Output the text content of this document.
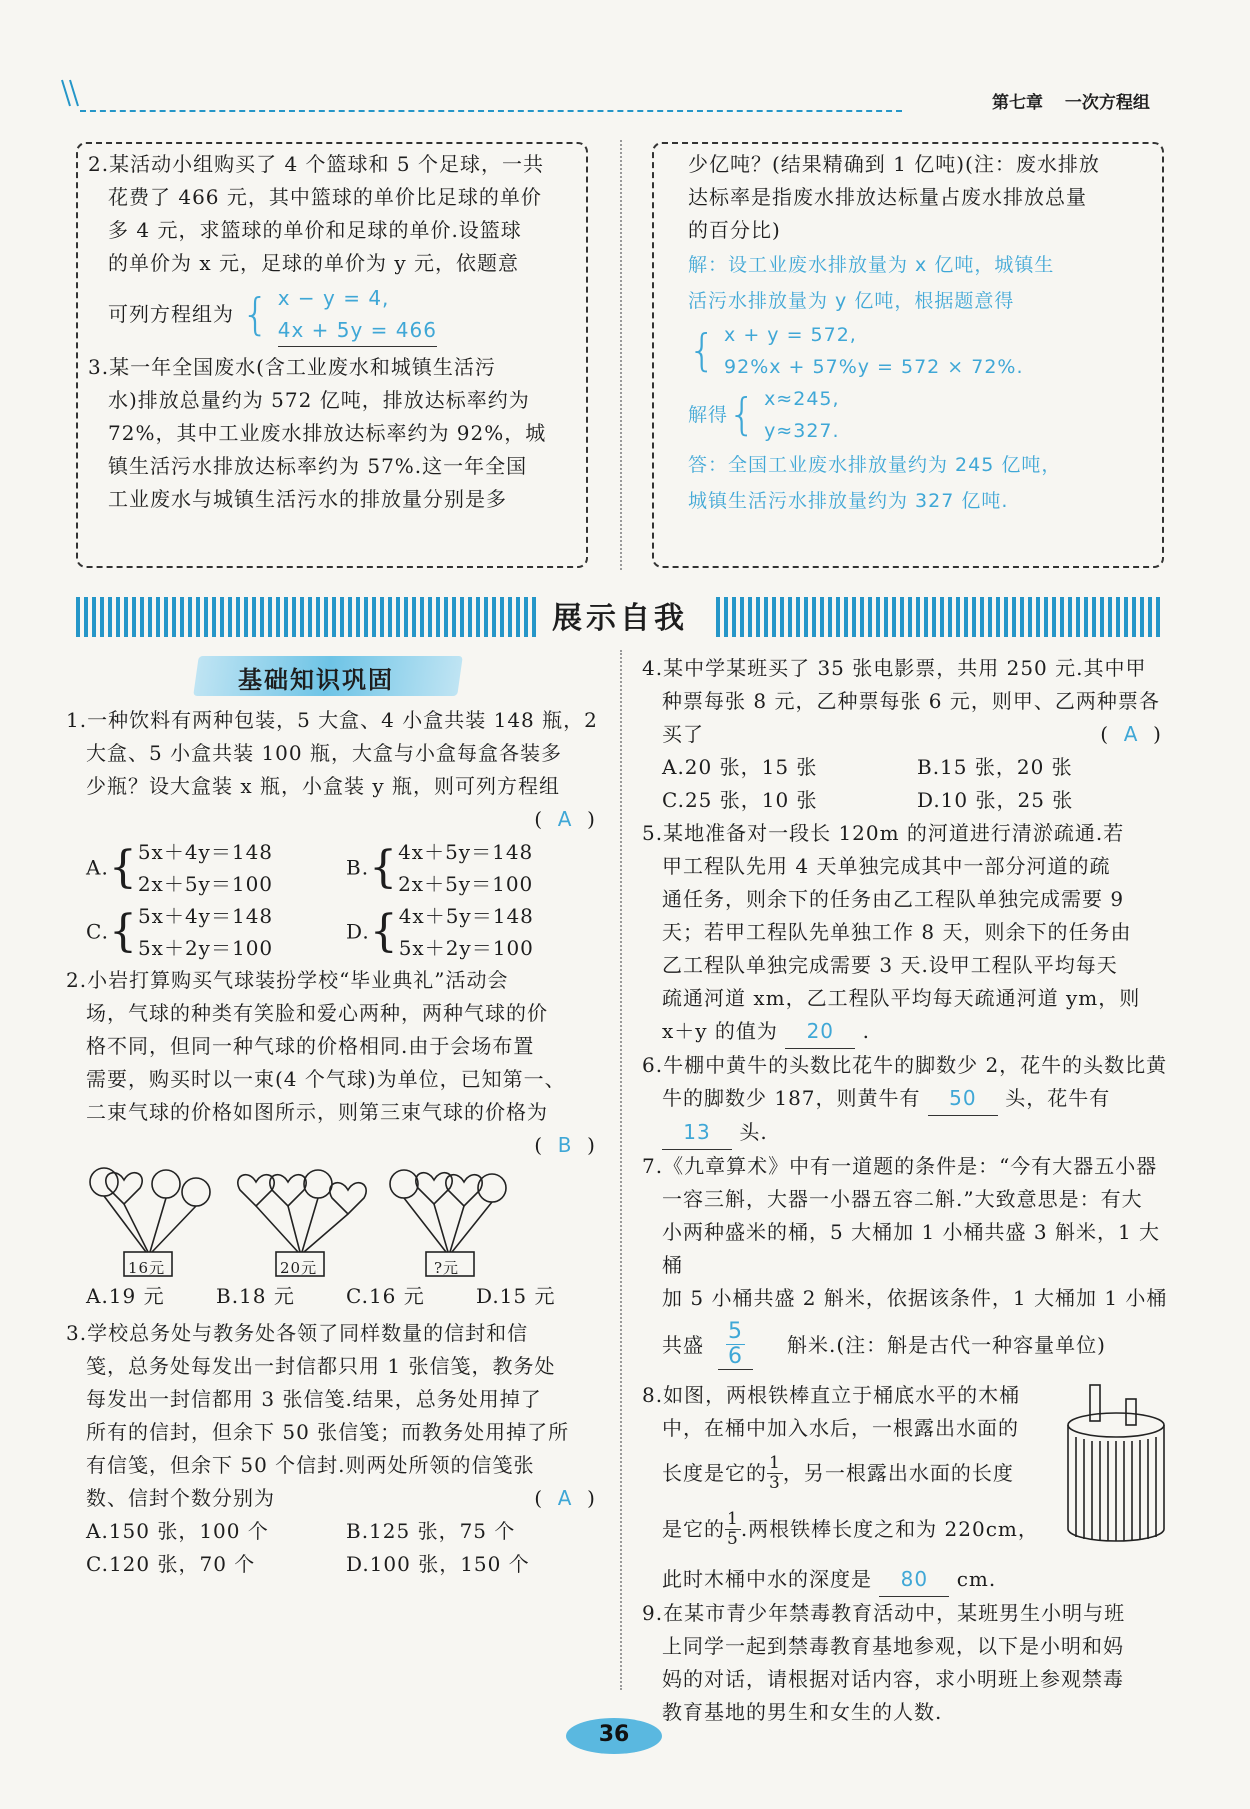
第七章 一次方程组
2.某活动小组购买了 4 个篮球和 5 个足球，一共
花费了 466 元，其中篮球的单价比足球的单价
多 4 元，求篮球的单价和足球的单价.设篮球
的单价为 x 元，足球的单价为 y 元，依题意
可列方程组为 { x − y = 4,
4x + 5y = 466
3.某一年全国废水(含工业废水和城镇生活污
水)排放总量约为 572 亿吨，排放达标率约为
72%，其中工业废水排放达标率约为 92%，城
镇生活污水排放达标率约为 57%.这一年全国
工业废水与城镇生活污水的排放量分别是多
少亿吨？(结果精确到 1 亿吨)(注：废水排放
达标率是指废水排放达标量占废水排放总量
的百分比)
解：设工业废水排放量为 x 亿吨，城镇生
活污水排放量为 y 亿吨，根据题意得
{ x + y = 572,
92%x + 57%y = 572 × 72%.
解得{ x≈245,
y≈327.
答：全国工业废水排放量约为 245 亿吨，
城镇生活污水排放量约为 327 亿吨.
展示自我
基础知识巩固
1.一种饮料有两种包装，5 大盒、4 小盒共装 148 瓶，2
大盒、5 小盒共装 100 瓶，大盒与小盒每盒各装多
少瓶？设大盒装 x 瓶，小盒装 y 瓶，则可列方程组
(  A  )
A.{ 5x＋4y＝148
2x＋5y＝100
B.{ 4x＋5y＝148
2x＋5y＝100
C.{ 5x＋4y＝148
5x＋2y＝100
D.{ 4x＋5y＝148
5x＋2y＝100
2.小岩打算购买气球装扮学校“毕业典礼”活动会
场，气球的种类有笑脸和爱心两种，两种气球的价
格不同，但同一种气球的价格相同.由于会场布置
需要，购买时以一束(4 个气球)为单位，已知第一、
二束气球的价格如图所示，则第三束气球的价格为
(  B  )
16元	20元	?元
A.19 元	B.18 元	C.16 元	D.15 元
3.学校总务处与教务处各领了同样数量的信封和信
笺，总务处每发出一封信都只用 1 张信笺，教务处
每发出一封信都用 3 张信笺.结果，总务处用掉了
所有的信封，但余下 50 张信笺；而教务处用掉了所
有信笺，但余下 50 个信封.则两处所领的信笺张
数、信封个数分别为	(  A  )
A.150 张，100 个	B.125 张，75 个
C.120 张，70 个	D.100 张，150 个
4.某中学某班买了 35 张电影票，共用 250 元.其中甲
种票每张 8 元，乙种票每张 6 元，则甲、乙两种票各
买了	(  A  )
A.20 张，15 张	B.15 张，20 张
C.25 张，10 张	D.10 张，25 张
5.某地准备对一段长 120m 的河道进行清淤疏通.若
甲工程队先用 4 天单独完成其中一部分河道的疏
通任务，则余下的任务由乙工程队单独完成需要 9
天；若甲工程队先单独工作 8 天，则余下的任务由
乙工程队单独完成需要 3 天.设甲工程队平均每天
疏通河道 xm，乙工程队平均每天疏通河道 ym，则
x＋y 的值为 20 .
6.牛棚中黄牛的头数比花牛的脚数少 2，花牛的头数比黄
牛的脚数少 187，则黄牛有 50 头，花牛有 13 头.
7.《九章算术》中有一道题的条件是：“今有大器五小器
一容三斛，大器一小器五容二斛.”大致意思是：有大
小两种盛米的桶，5 大桶加 1 小桶共盛 3 斛米，1 大桶
加 5 小桶共盛 2 斛米，依据该条件，1 大桶加 1 小桶
共盛 $\frac{5}{6}$ 斛米.(注：斛是古代一种容量单位)
8.如图，两根铁棒直立于桶底水平的木桶
中，在桶中加入水后，一根露出水面的
长度是它的 $\frac{1}{3}$ ，另一根露出水面的长度
是它的 $\frac{1}{5}$ .两根铁棒长度之和为 220cm，
此时木桶中水的深度是 80 cm.
9.在某市青少年禁毒教育活动中，某班男生小明与班
上同学一起到禁毒教育基地参观，以下是小明和妈
妈的对话，请根据对话内容，求小明班上参观禁毒
教育基地的男生和女生的人数.
36
